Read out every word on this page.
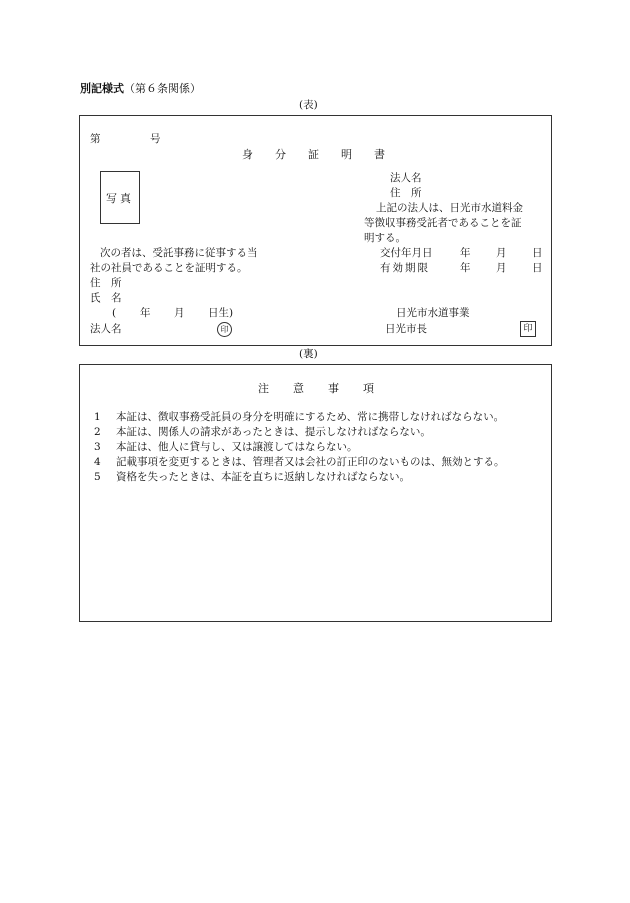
別記様式（第６条関係）
(表)
第	号
身分証明書
写真
法人名
住　所
上記の法人は、日光市水道料金
等徴収事務受託者であることを証
明する。
次の者は、受託事務に従事する当
社の社員であることを証明する。
交付年月日	年 月 日
有効期限	年 月 日
住　所
氏　名
( 年 月 日生)	日光市水道事業
法人名	印	日光市長	印
(裏)
注意事項
1 本証は、徴収事務受託員の身分を明確にするため、常に携帯しなければならない。
2 本証は、関係人の請求があったときは、提示しなければならない。
3 本証は、他人に貸与し、又は譲渡してはならない。
4 記載事項を変更するときは、管理者又は会社の訂正印のないものは、無効とする。
5 資格を失ったときは、本証を直ちに返納しなければならない。
